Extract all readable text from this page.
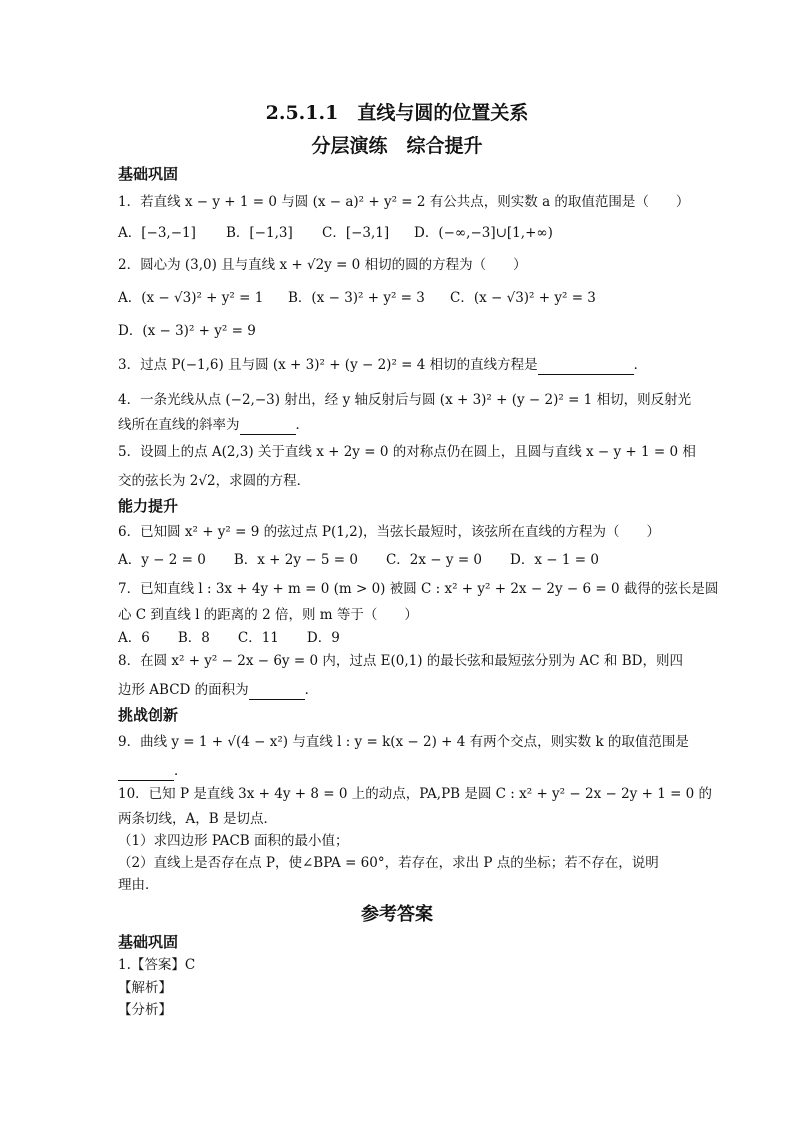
2.5.1.1　直线与圆的位置关系
分层演练　综合提升
基础巩固
1．若直线 x − y + 1 = 0 与圆 (x − a)² + y² = 2 有公共点，则实数 a 的取值范围是（　　）
A．[−3,−1] B．[−1,3] C．[−3,1] D．(−∞,−3]∪[1,+∞)
2．圆心为 (3,0) 且与直线 x + √2y = 0 相切的圆的方程为（　　）
A．(x − √3)² + y² = 1 B．(x − 3)² + y² = 3 C．(x − √3)² + y² = 3
D．(x − 3)² + y² = 9
3．过点 P(−1,6) 且与圆 (x + 3)² + (y − 2)² = 4 相切的直线方程是	．
4．一条光线从点 (−2,−3) 射出，经 y 轴反射后与圆 (x + 3)² + (y − 2)² = 1 相切，则反射光
线所在直线的斜率为	．
5．设圆上的点 A(2,3) 关于直线 x + 2y = 0 的对称点仍在圆上，且圆与直线 x − y + 1 = 0 相
交的弦长为 2√2，求圆的方程．
能力提升
6．已知圆 x² + y² = 9 的弦过点 P(1,2)，当弦长最短时，该弦所在直线的方程为（　　）
A．y − 2 = 0 B．x + 2y − 5 = 0 C．2x − y = 0 D．x − 1 = 0
7．已知直线 l : 3x + 4y + m = 0 (m > 0) 被圆 C : x² + y² + 2x − 2y − 6 = 0 截得的弦长是圆
心 C 到直线 l 的距离的 2 倍，则 m 等于（　　）
A．6 B．8 C．11 D．9
8．在圆 x² + y² − 2x − 6y = 0 内，过点 E(0,1) 的最长弦和最短弦分别为 AC 和 BD，则四
边形 ABCD 的面积为	．
挑战创新
9．曲线 y = 1 + √(4 − x²) 与直线 l : y = k(x − 2) + 4 有两个交点，则实数 k 的取值范围是
．
10．已知 P 是直线 3x + 4y + 8 = 0 上的动点，PA,PB 是圆 C : x² + y² − 2x − 2y + 1 = 0 的
两条切线，A，B 是切点．
（1）求四边形 PACB 面积的最小值；
（2）直线上是否存在点 P，使∠BPA = 60°，若存在，求出 P 点的坐标；若不存在，说明
理由．
参考答案
基础巩固
1.【答案】C
【解析】
【分析】
